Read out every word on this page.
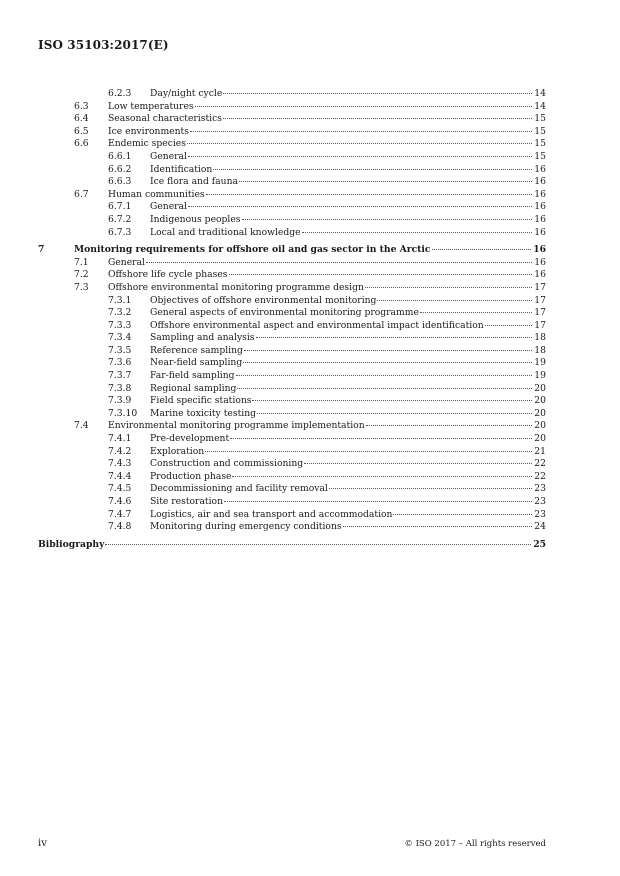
ISO 35103:2017(E)
6.2.3 Day/night cycle	14
6.3 Low temperatures	14
6.4 Seasonal characteristics	15
6.5 Ice environments	15
6.6 Endemic species	15
6.6.1 General	15
6.6.2 Identification	16
6.6.3 Ice flora and fauna	16
6.7 Human communities	16
6.7.1 General	16
6.7.2 Indigenous peoples	16
6.7.3 Local and traditional knowledge	16
7	Monitoring requirements for offshore oil and gas sector in the Arctic	16
7.1 General	16
7.2 Offshore life cycle phases	16
7.3 Offshore environmental monitoring programme design	17
7.3.1 Objectives of offshore environmental monitoring	17
7.3.2 General aspects of environmental monitoring programme	17
7.3.3 Offshore environmental aspect and environmental impact identification	17
7.3.4 Sampling and analysis	18
7.3.5 Reference sampling	18
7.3.6 Near-field sampling	19
7.3.7 Far-field sampling	19
7.3.8 Regional sampling	20
7.3.9 Field specific stations	20
7.3.10 Marine toxicity testing	20
7.4 Environmental monitoring programme implementation	20
7.4.1 Pre-development	20
7.4.2 Exploration	21
7.4.3 Construction and commissioning	22
7.4.4 Production phase	22
7.4.5 Decommissioning and facility removal	23
7.4.6 Site restoration	23
7.4.7 Logistics, air and sea transport and accommodation	23
7.4.8 Monitoring during emergency conditions	24
Bibliography	25
iv	© ISO 2017 – All rights reserved
